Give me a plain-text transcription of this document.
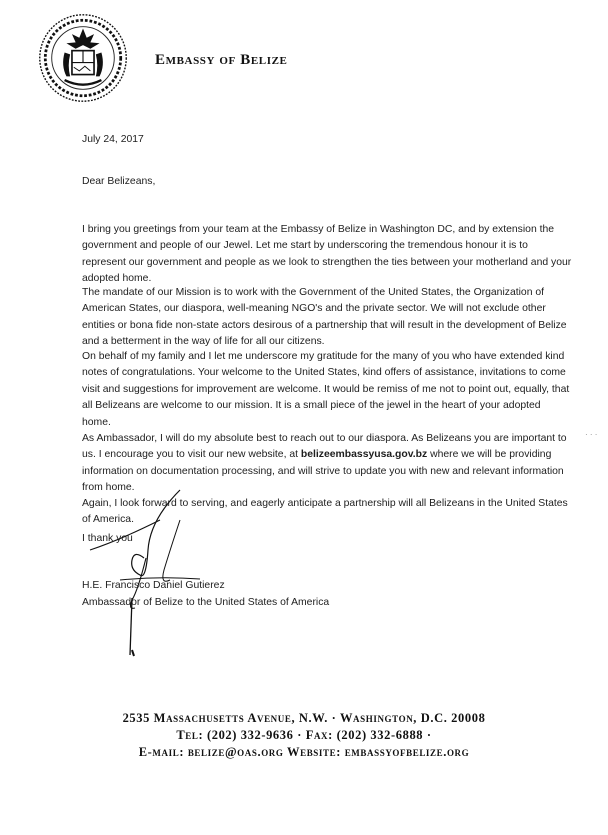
Embassy of Belize

July 24, 2017

Dear Belizeans,

I bring you greetings from your team at the Embassy of Belize in Washington DC, and by extension the government and people of our Jewel. Let me start by underscoring the tremendous honour it is to represent our government and people as we look to strengthen the ties between your motherland and your adopted home.

The mandate of our Mission is to work with the Government of the United States, the Organization of American States, our diaspora, well-meaning NGO's and the private sector. We will not exclude other entities or bona fide non-state actors desirous of a partnership that will result in the development of Belize and a betterment in the way of life for all our citizens.

On behalf of my family and I let me underscore my gratitude for the many of you who have extended kind notes of congratulations. Your welcome to the United States, kind offers of assistance, invitations to come visit and suggestions for improvement are welcome. It would be remiss of me not to point out, equally, that all Belizeans are welcome to our mission. It is a small piece of the jewel in the heart of your adopted home.

As Ambassador, I will do my absolute best to reach out to our diaspora. As Belizeans you are important to us. I encourage you to visit our new website, at belizeembassyusa.gov.bz where we will be providing information on documentation processing, and will strive to update you with new and relevant information from home.

Again, I look forward to serving, and eagerly anticipate a partnership will all Belizeans in the United States of America.

I thank you

H.E. Francisco Daniel Gutierez

Ambassador of Belize to the United States of America

· · ·
2535 Massachusetts Avenue, N.W. · Washington, D.C. 20008
Tel: (202) 332-9636 · Fax: (202) 332-6888 ·
E-mail: belize@oas.org Website: embassyofbelize.org
